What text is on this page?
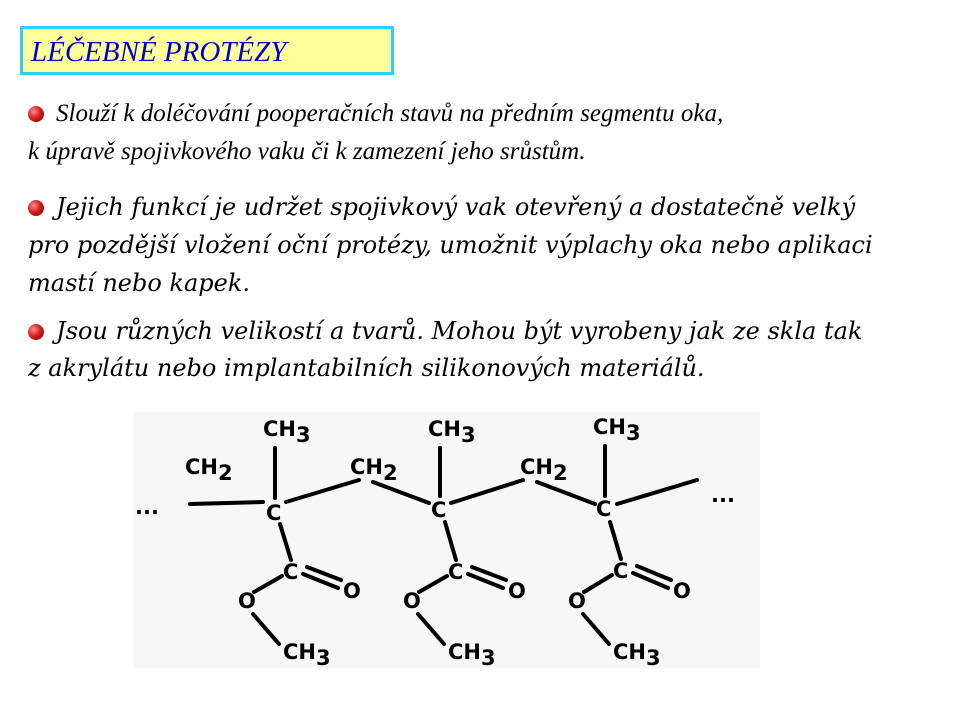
LÉČEBNÉ PROTÉZY
Slouží k doléčování pooperačních stavů na předním segmentu oka,
k úpravě spojivkového vaku či k zamezení jeho srůstům.
Jejich funkcí je udržet spojivkový vak otevřený a dostatečně velký
pro pozdější vložení oční protézy, umožnit výplachy oka nebo aplikaci
mastí nebo kapek.
Jsou různých velikostí a tvarů. Mohou být vyrobeny jak ze skla tak
z akrylátu nebo implantabilních silikonových materiálů.
...	...
CH2
CH3
C
C
O
O
CH3
CH2
CH3
C
C
O
O
CH3
CH2
CH3
C
C
O
O
CH3
